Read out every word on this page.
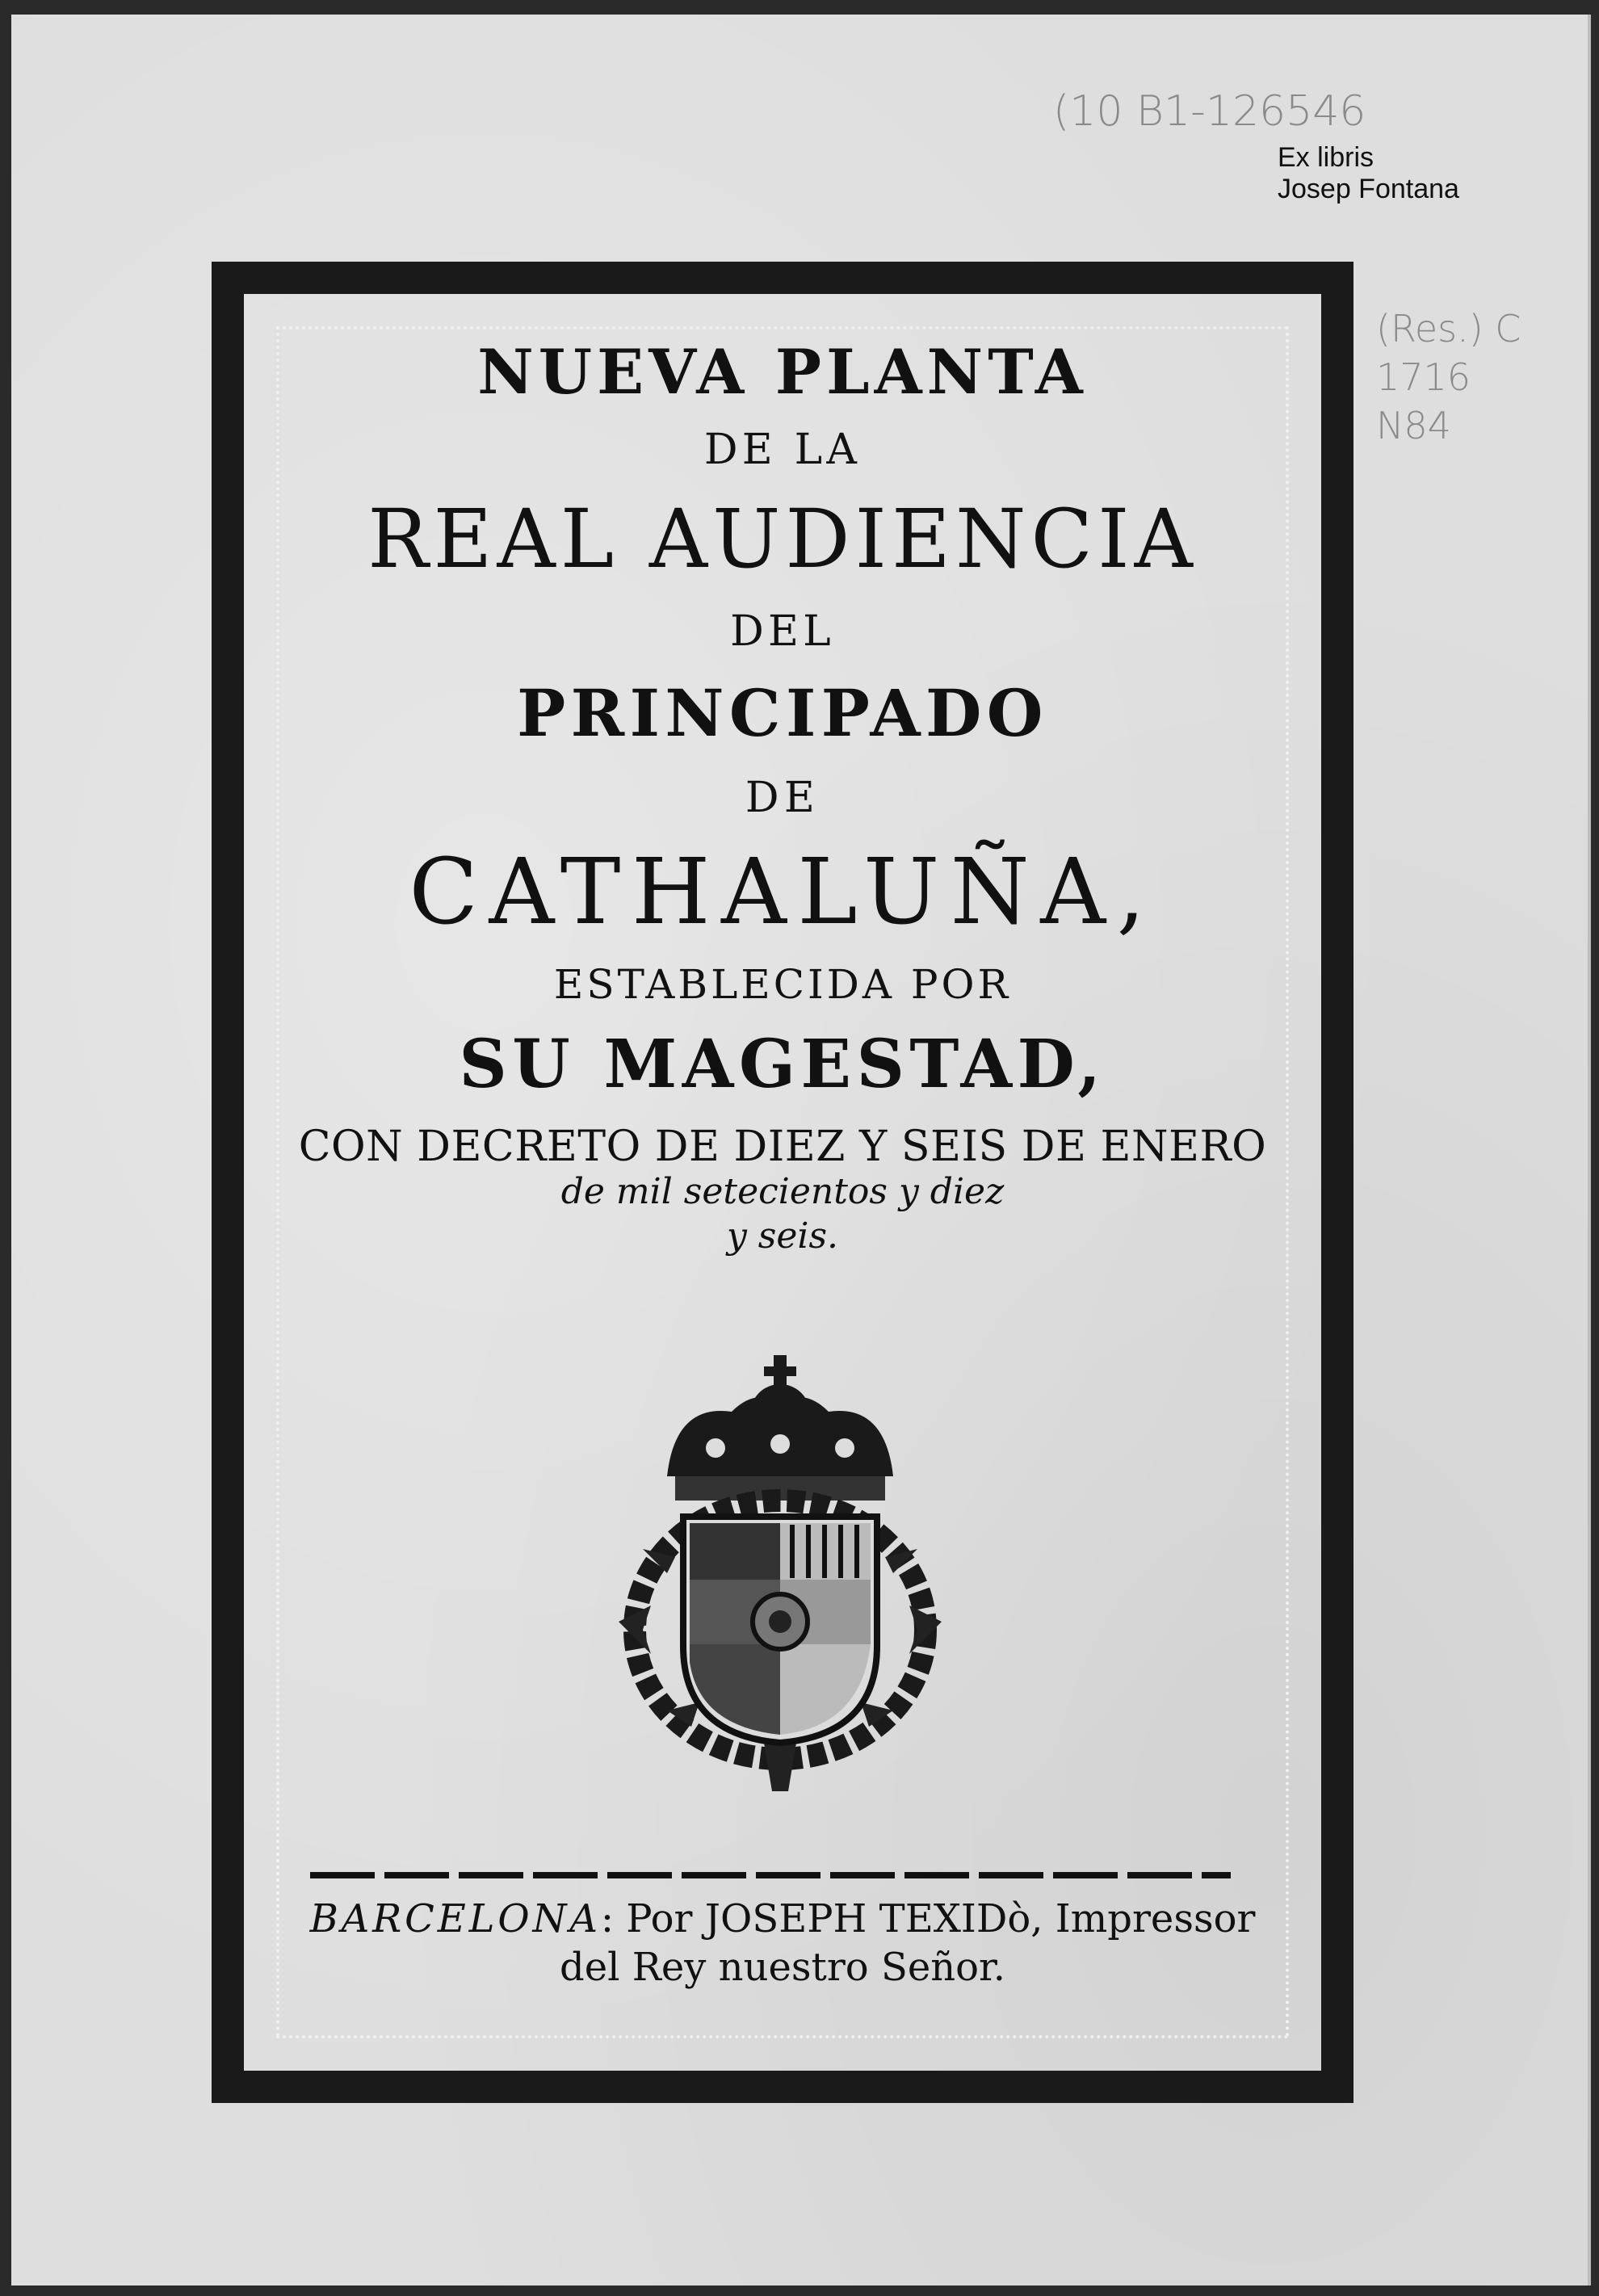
(10 B1-126546
Ex libris
Josep Fontana
(Res.) C
1716
N84
NUEVA PLANTA
DE LA
REAL AUDIENCIA
DEL
PRINCIPADO
DE
CATHALUÑA,
ESTABLECIDA POR
SU MAGESTAD,
CON DECRETO DE DIEZ Y SEIS DE ENERO
de mil setecientos y diez
y seis.
BARCELONA: Por JOSEPH TEXIDò, Impressor
del Rey nuestro Señor.
